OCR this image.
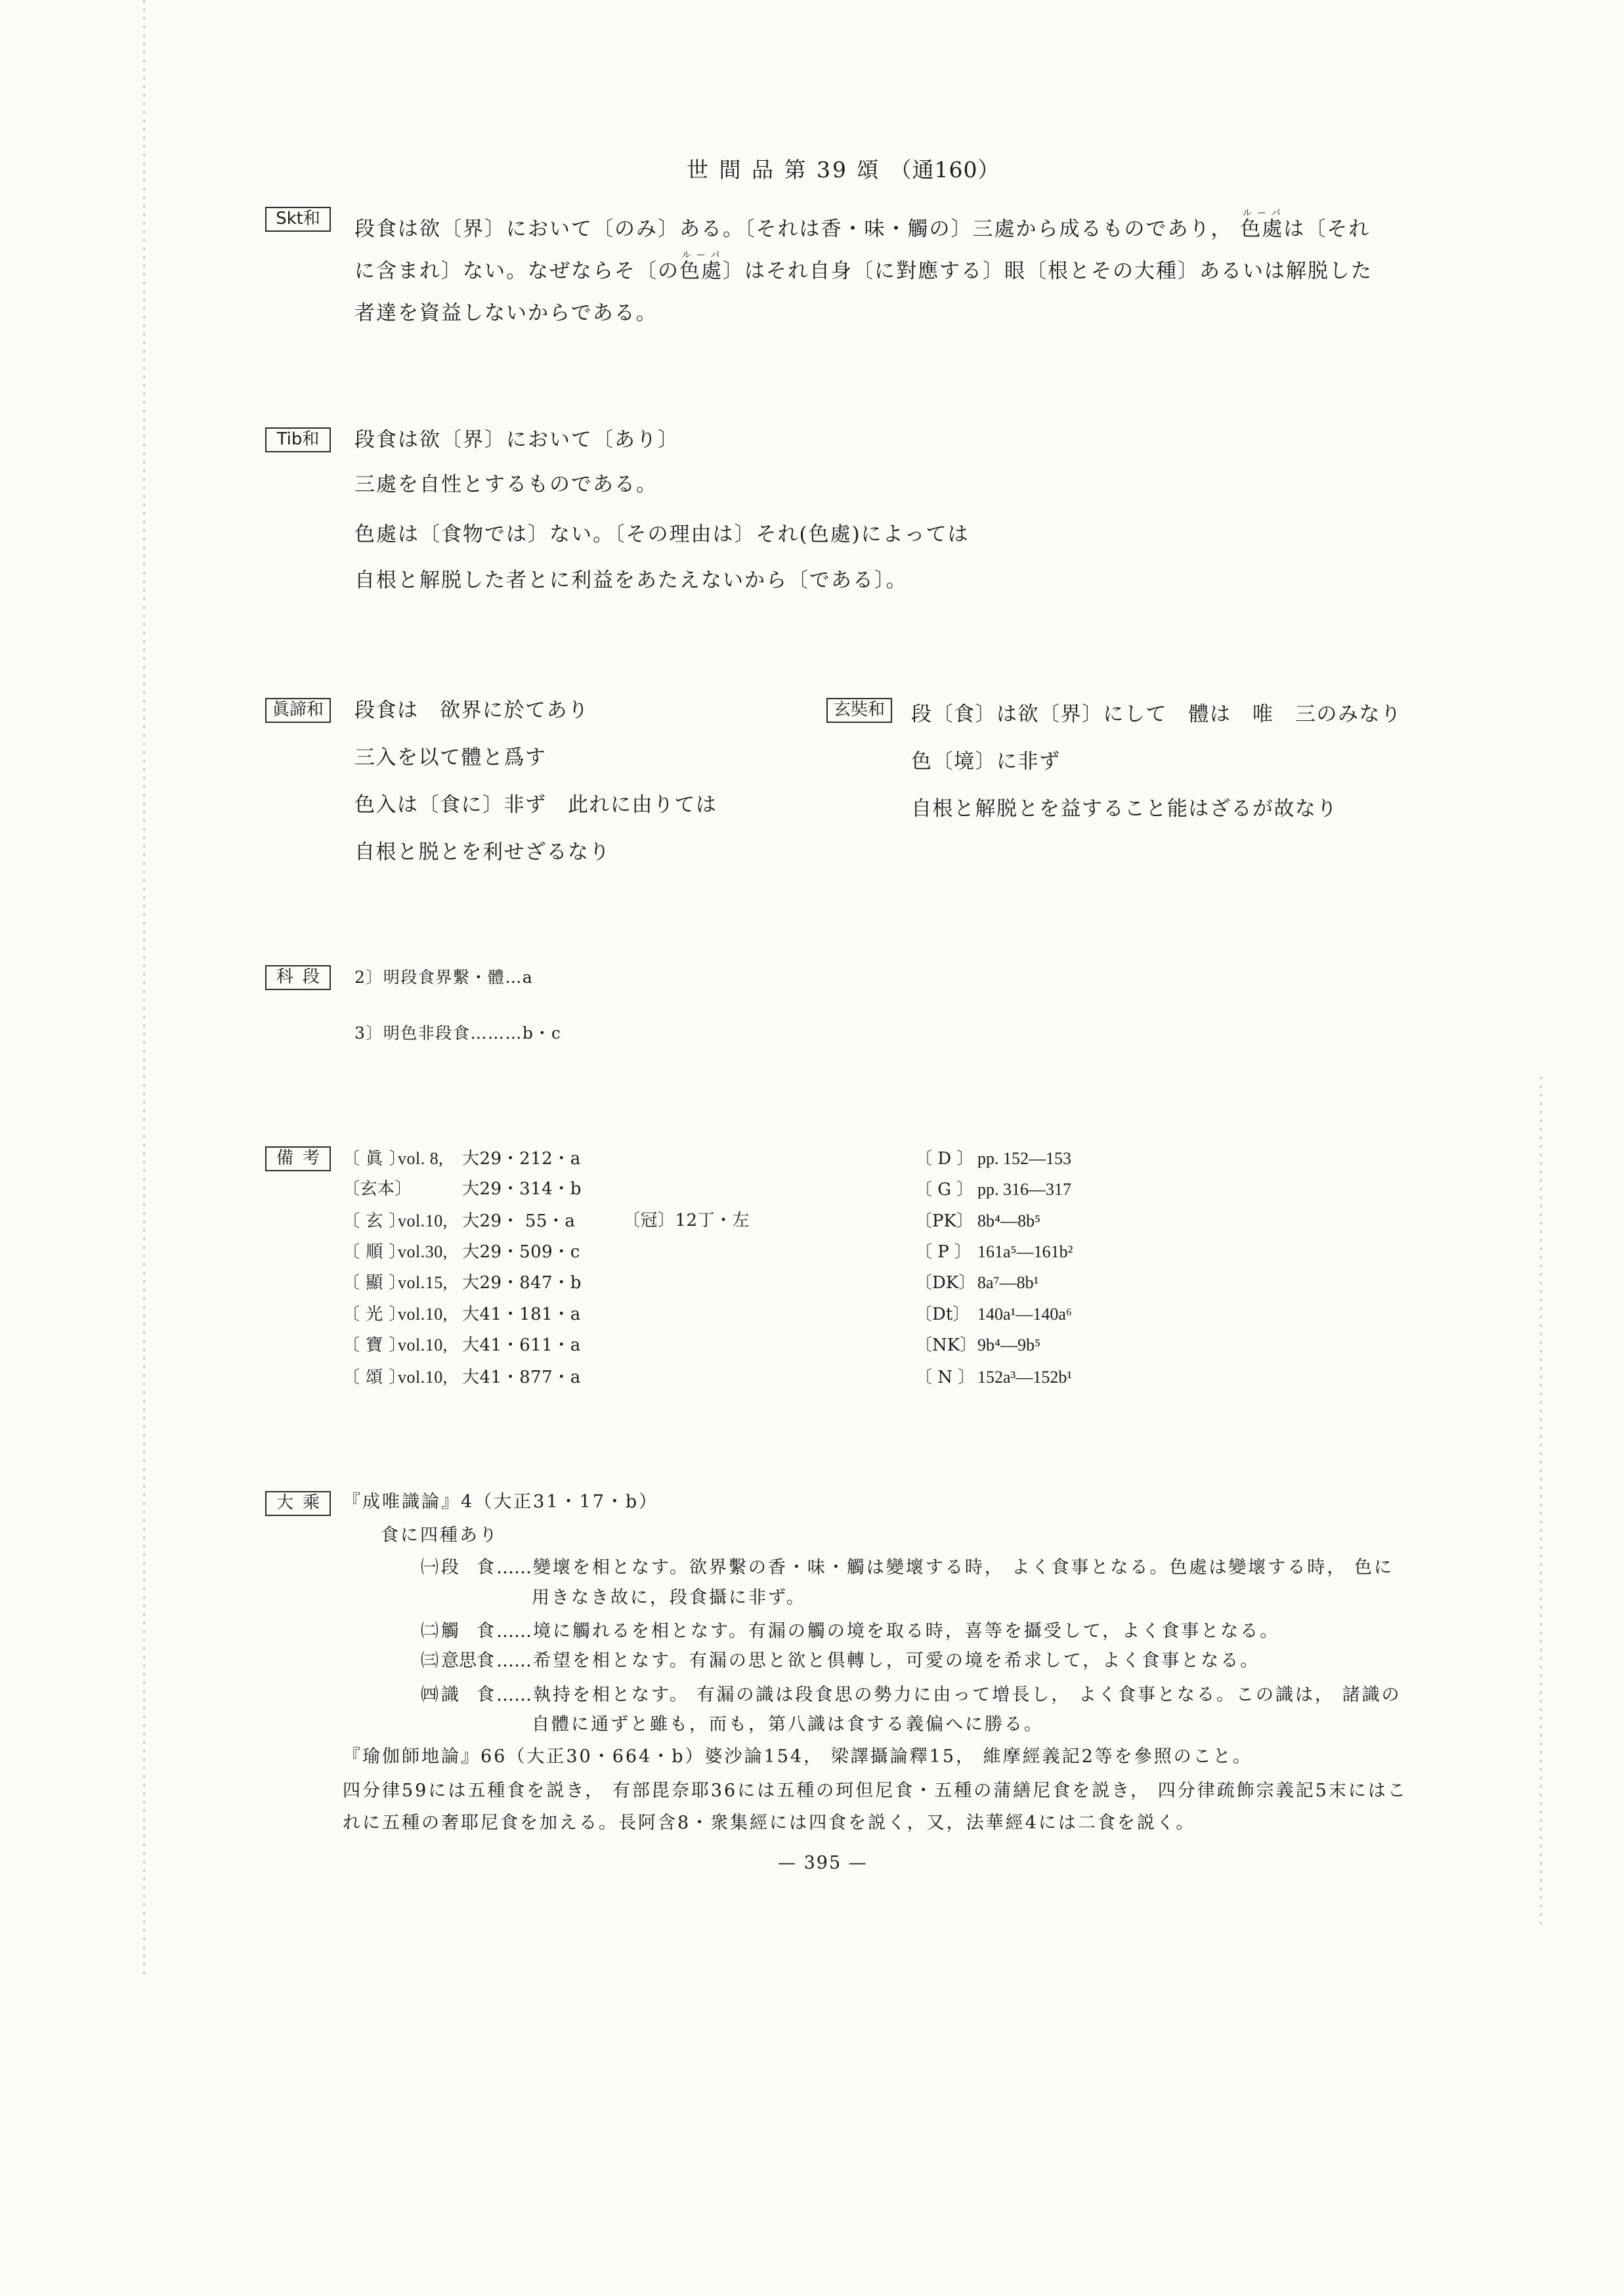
世 間 品 第 39 頌 （通160）
Skt和	段食は欲〔界〕において〔のみ〕ある。〔それは香・味・觸の〕三處から成るものであり， 色處ルーパは〔それ
に含まれ〕ない。なぜならそ〔の色處ルーパ〕はそれ自身〔に對應する〕眼〔根とその大種〕あるいは解脱した
者達を資益しないからである。
Tib和	段食は欲〔界〕において〔あり〕
三處を自性とするものである。
色處は〔食物では〕ない。〔その理由は〕それ(色處)によっては
自根と解脱した者とに利益をあたえないから〔である〕。
眞諦和	段食は　欲界に於てあり
三入を以て體と爲す
色入は〔食に〕非ず　此れに由りては
自根と脱とを利せざるなり
玄奘和	段〔食〕は欲〔界〕にして　體は　唯　三のみなり
色〔境〕に非ず
自根と解脱とを益すること能はざるが故なり
科段 2〕明段食界繫・體…a
3〕明色非段食………b・c
備考 〔 眞 〕vol. 8, 大29・212・a
〔玄本〕	大29・314・b
〔 玄 〕vol.10, 大29・ 55・a	〔冠〕12丁・左
〔 順 〕vol.30, 大29・509・c
〔 顯 〕vol.15, 大29・847・b
〔 光 〕vol.10, 大41・181・a
〔 寶 〕vol.10, 大41・611・a
〔 頌 〕vol.10, 大41・877・a
〔 D 〕 pp. 152—153
〔 G 〕 pp. 316—317
〔PK〕 8b⁴—8b⁵
〔 P 〕 161a⁵—161b²
〔DK〕 8a⁷—8b¹
〔Dt〕 140a¹—140a⁶
〔NK〕9b⁴—9b⁵
〔 N 〕 152a³—152b¹
大乘 『成唯識論』4（大正31・17・b）
食に四種あり
㈠ 段　食 ……變壞を相となす。欲界繫の香・味・觸は變壞する時， よく食事となる。色處は變壞する時， 色に
用きなき故に，段食攝に非ず。
㈡ 觸　食 ……境に觸れるを相となす。有漏の觸の境を取る時，喜等を攝受して，よく食事となる。
㈢ 意思食 ……希望を相となす。有漏の思と欲と倶轉し，可愛の境を希求して，よく食事となる。
㈣ 識　食 ……執持を相となす。 有漏の識は段食思の勢力に由って增長し， よく食事となる。この識は， 諸識の
自體に通ずと雖も，而も，第八識は食する義偏へに勝る。
『瑜伽師地論』66（大正30・664・b）婆沙論154， 梁譯攝論釋15， 維摩經義記2等を參照のこと。
四分律59には五種食を説き， 有部毘奈耶36には五種の珂但尼食・五種の蒲繕尼食を説き， 四分律疏飾宗義記5末にはこ
れに五種の奢耶尼食を加える。長阿含8・衆集經には四食を説く，又，法華經4には二食を説く。
— 395 —
